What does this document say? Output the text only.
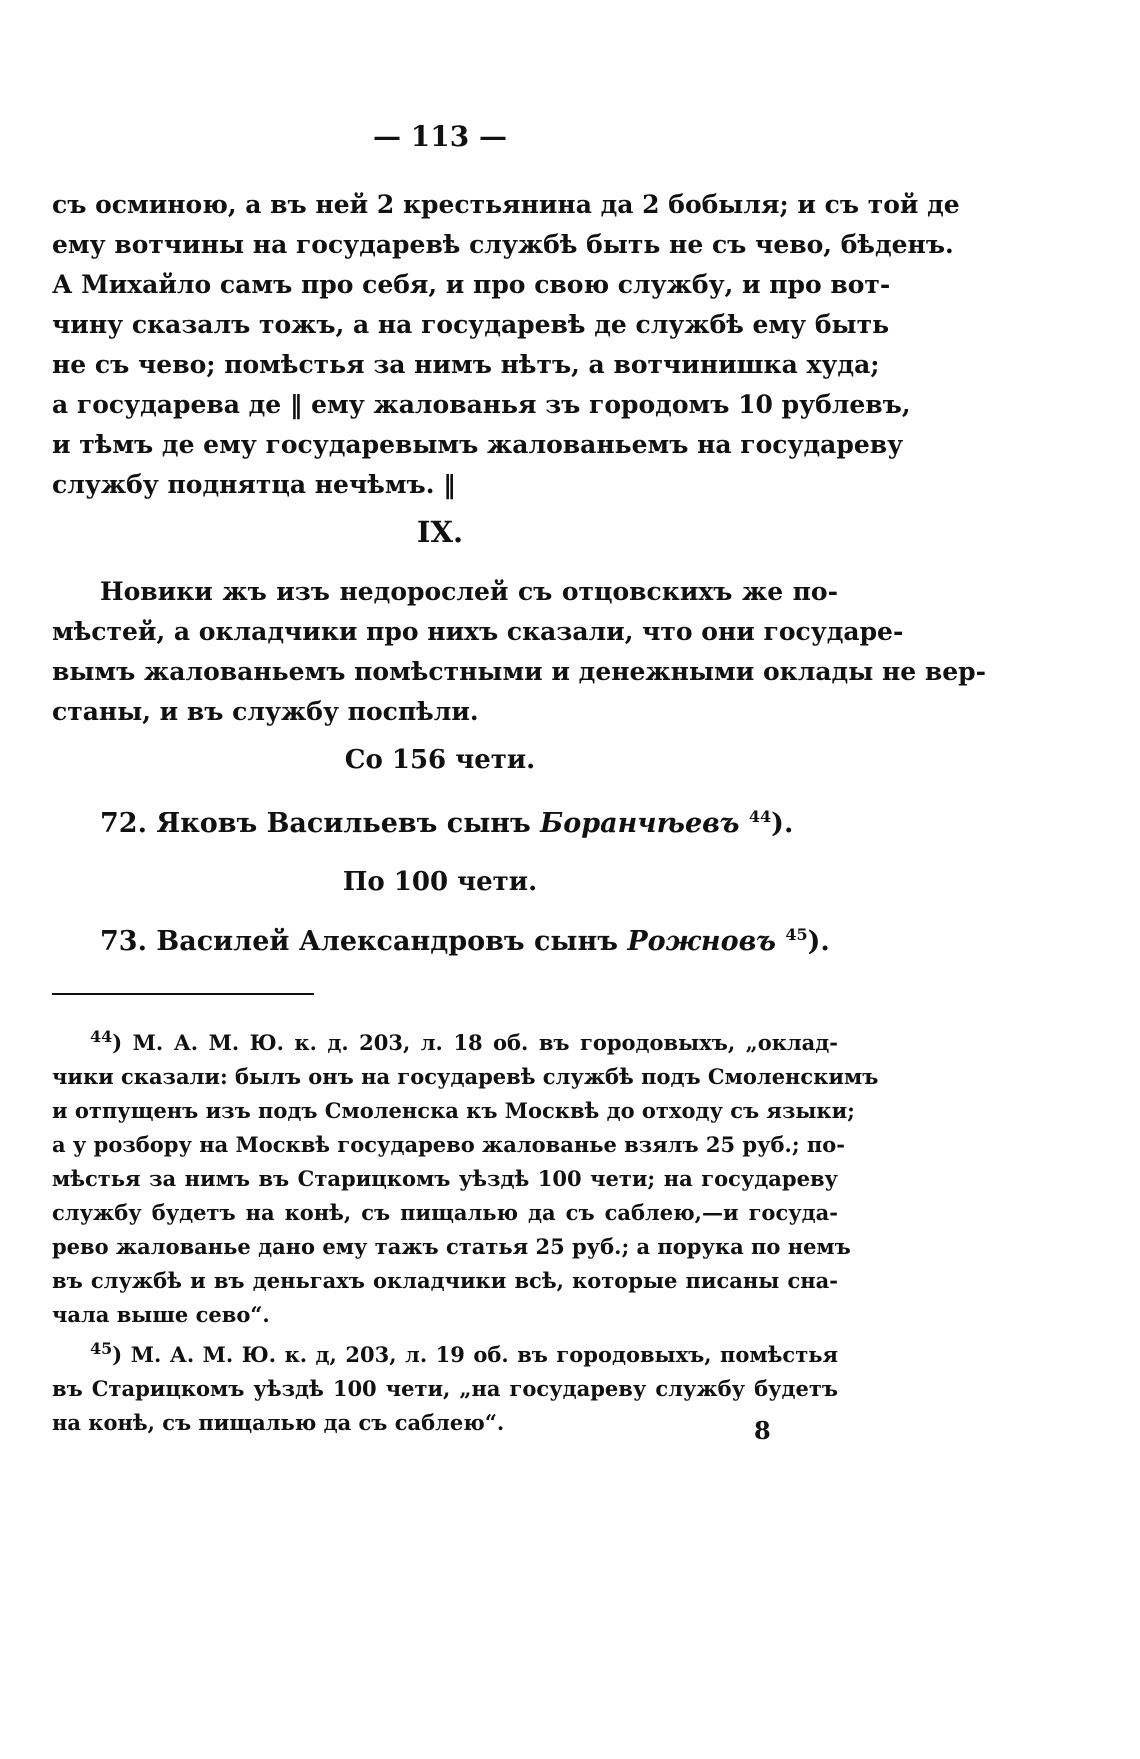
— 113 —
съ осминою, а въ ней 2 крестьянина да 2 бобыля; и съ той де
ему вотчины на государевѣ службѣ быть не съ чево, бѣденъ.
А Михайло самъ про себя, и про свою службу, и про вот-
чину сказалъ тожъ, а на государевѣ де службѣ ему быть
не съ чево; помѣстья за нимъ нѣтъ, а вотчинишка худа;
а государева де ‖ ему жалованья зъ городомъ 10 рублевъ,
и тѣмъ де ему государевымъ жалованьемъ на государеву
службу поднятца нечѣмъ. ‖
IX.
Новики жъ изъ недорослей съ отцовскихъ же по-
мѣстей, а окладчики про нихъ сказали, что они государе-
вымъ жалованьемъ помѣстными и денежными оклады не вер-
станы, и въ службу поспѣли.
Со 156 чети.
72. Яковъ Васильевъ сынъ Боранчѣевъ $^{44}$).
По 100 чети.
73. Василей Александровъ сынъ Рожновъ $^{45}$).
$^{44}$) М. А. М. Ю. к. д. 203, л. 18 об. въ городовыхъ, „оклад-
чики сказали: былъ онъ на государевѣ службѣ подъ Смоленскимъ
и отпущенъ изъ подъ Смоленска къ Москвѣ до отходу съ языки;
а у розбору на Москвѣ государево жалованье взялъ 25 руб.; по-
мѣстья за нимъ въ Старицкомъ уѣздѣ 100 чети; на государеву
службу будетъ на конѣ, съ пищалью да съ саблею,—и госуда-
рево жалованье дано ему тажъ статья 25 руб.; а порука по немъ
въ службѣ и въ деньгахъ окладчики всѣ, которые писаны сна-
чала выше сево“.
$^{45}$) М. А. М. Ю. к. д, 203, л. 19 об. въ городовыхъ, помѣстья
въ Старицкомъ уѣздѣ 100 чети, „на государеву службу будетъ
на конѣ, съ пищалью да съ саблею“.	8
